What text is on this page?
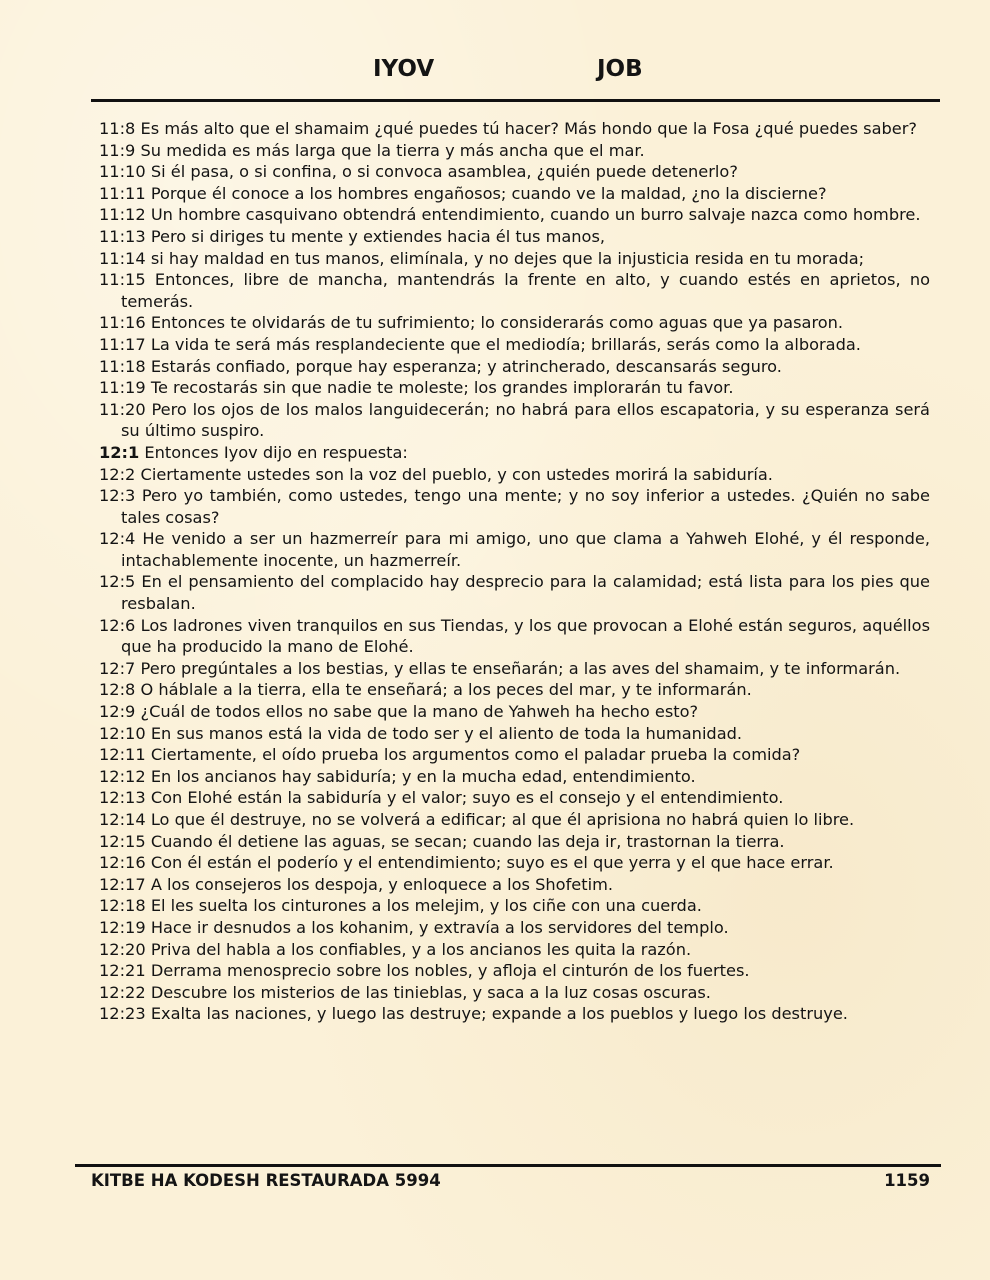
IYOV	JOB

11:8 Es más alto que el shamaim ¿qué puedes tú hacer? Más hondo que la Fosa ¿qué puedes saber?

11:9 Su medida es más larga que la tierra y más ancha que el mar.

11:10 Si él pasa, o si confina, o si convoca asamblea, ¿quién puede detenerlo?

11:11 Porque él conoce a los hombres engañosos; cuando ve la maldad, ¿no la discierne?

11:12 Un hombre casquivano obtendrá entendimiento, cuando un burro salvaje nazca como hombre.

11:13 Pero si diriges tu mente y extiendes hacia él tus manos,

11:14 si hay maldad en tus manos, elimínala, y no dejes que la injusticia resida en tu morada;

11:15 Entonces, libre de mancha, mantendrás la frente en alto, y cuando estés en aprietos, no temerás.

11:16 Entonces te olvidarás de tu sufrimiento; lo considerarás como aguas que ya pasaron.

11:17 La vida te será más resplandeciente que el mediodía; brillarás, serás como la alborada.

11:18 Estarás confiado, porque hay esperanza; y atrincherado, descansarás seguro.

11:19 Te recostarás sin que nadie te moleste; los grandes implorarán tu favor.

11:20 Pero los ojos de los malos languidecerán; no habrá para ellos escapatoria, y su esperanza será su último suspiro.

12:1 Entonces Iyov dijo en respuesta:

12:2 Ciertamente ustedes son la voz del pueblo, y con ustedes morirá la sabiduría.

12:3 Pero yo también, como ustedes, tengo una mente; y no soy inferior a ustedes. ¿Quién no sabe tales cosas?

12:4 He venido a ser un hazmerreír para mi amigo, uno que clama a Yahweh Elohé, y él responde, intachablemente inocente, un hazmerreír.

12:5 En el pensamiento del complacido hay desprecio para la calamidad; está lista para los pies que resbalan.

12:6 Los ladrones viven tranquilos en sus Tiendas, y los que provocan a Elohé están seguros, aquéllos que ha producido la mano de Elohé.

12:7 Pero pregúntales a los bestias, y ellas te enseñarán; a las aves del shamaim, y te informarán.

12:8 O háblale a la tierra, ella te enseñará; a los peces del mar, y te informarán.

12:9 ¿Cuál de todos ellos no sabe que la mano de Yahweh ha hecho esto?

12:10 En sus manos está la vida de todo ser y el aliento de toda la humanidad.

12:11 Ciertamente, el oído prueba los argumentos como el paladar prueba la comida?

12:12 En los ancianos hay sabiduría; y en la mucha edad, entendimiento.

12:13 Con Elohé están la sabiduría y el valor; suyo es el consejo y el entendimiento.

12:14 Lo que él destruye, no se volverá a edificar; al que él aprisiona no habrá quien lo libre.

12:15 Cuando él detiene las aguas, se secan; cuando las deja ir, trastornan la tierra.

12:16 Con él están el poderío y el entendimiento; suyo es el que yerra y el que hace errar.

12:17 A los consejeros los despoja, y enloquece a los Shofetim.

12:18 El les suelta los cinturones a los melejim, y los ciñe con una cuerda.

12:19 Hace ir desnudos a los kohanim, y extravía a los servidores del templo.

12:20 Priva del habla a los confiables, y a los ancianos les quita la razón.

12:21 Derrama menosprecio sobre los nobles, y afloja el cinturón de los fuertes.

12:22 Descubre los misterios de las tinieblas, y saca a la luz cosas oscuras.

12:23 Exalta las naciones, y luego las destruye; expande a los pueblos y luego los destruye.

KITBE HA KODESH RESTAURADA 5994	1159
